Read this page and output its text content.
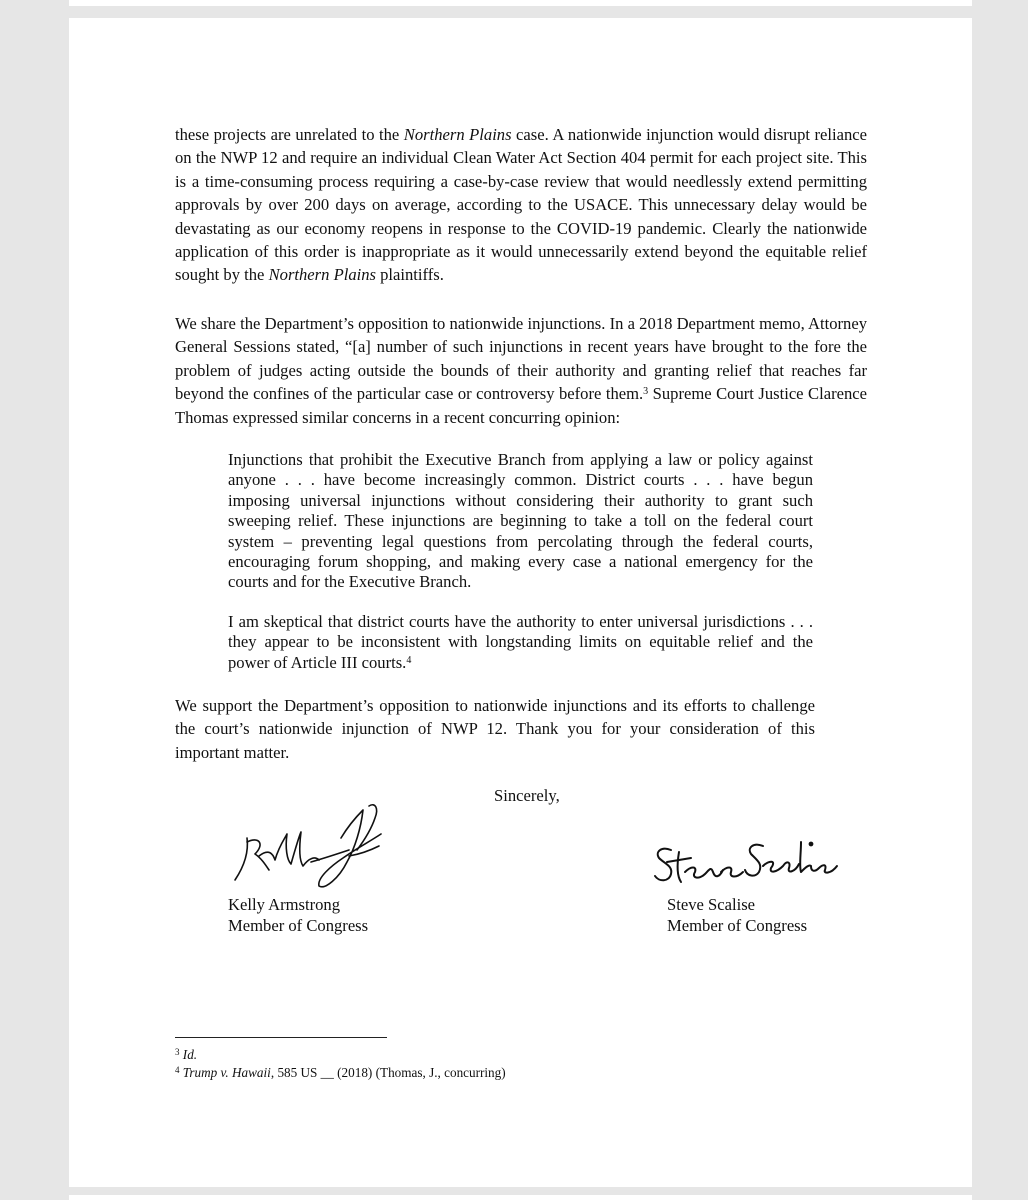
these projects are unrelated to the Northern Plains case. A nationwide injunction would disrupt reliance on the NWP 12 and require an individual Clean Water Act Section 404 permit for each project site. This is a time-consuming process requiring a case-by-case review that would needlessly extend permitting approvals by over 200 days on average, according to the USACE. This unnecessary delay would be devastating as our economy reopens in response to the COVID-19 pandemic. Clearly the nationwide application of this order is inappropriate as it would unnecessarily extend beyond the equitable relief sought by the Northern Plains plaintiffs.

We share the Department’s opposition to nationwide injunctions. In a 2018 Department memo, Attorney General Sessions stated, “[a] number of such injunctions in recent years have brought to the fore the problem of judges acting outside the bounds of their authority and granting relief that reaches far beyond the confines of the particular case or controversy before them.$^3$ Supreme Court Justice Clarence Thomas expressed similar concerns in a recent concurring opinion:

Injunctions that prohibit the Executive Branch from applying a law or policy against anyone . . . have become increasingly common. District courts . . . have begun imposing universal injunctions without considering their authority to grant such sweeping relief. These injunctions are beginning to take a toll on the federal court system – preventing legal questions from percolating through the federal courts, encouraging forum shopping, and making every case a national emergency for the courts and for the Executive Branch.

I am skeptical that district courts have the authority to enter universal jurisdictions . . . they appear to be inconsistent with longstanding limits on equitable relief and the power of Article III courts.$^4$

We support the Department’s opposition to nationwide injunctions and its efforts to challenge the court’s nationwide injunction of NWP 12. Thank you for your consideration of this important matter.

Sincerely,
Kelly Armstrong
Member of Congress
Steve Scalise
Member of Congress
$^3$ Id.
$^4$ Trump v. Hawaii, 585 US __ (2018) (Thomas, J., concurring)
